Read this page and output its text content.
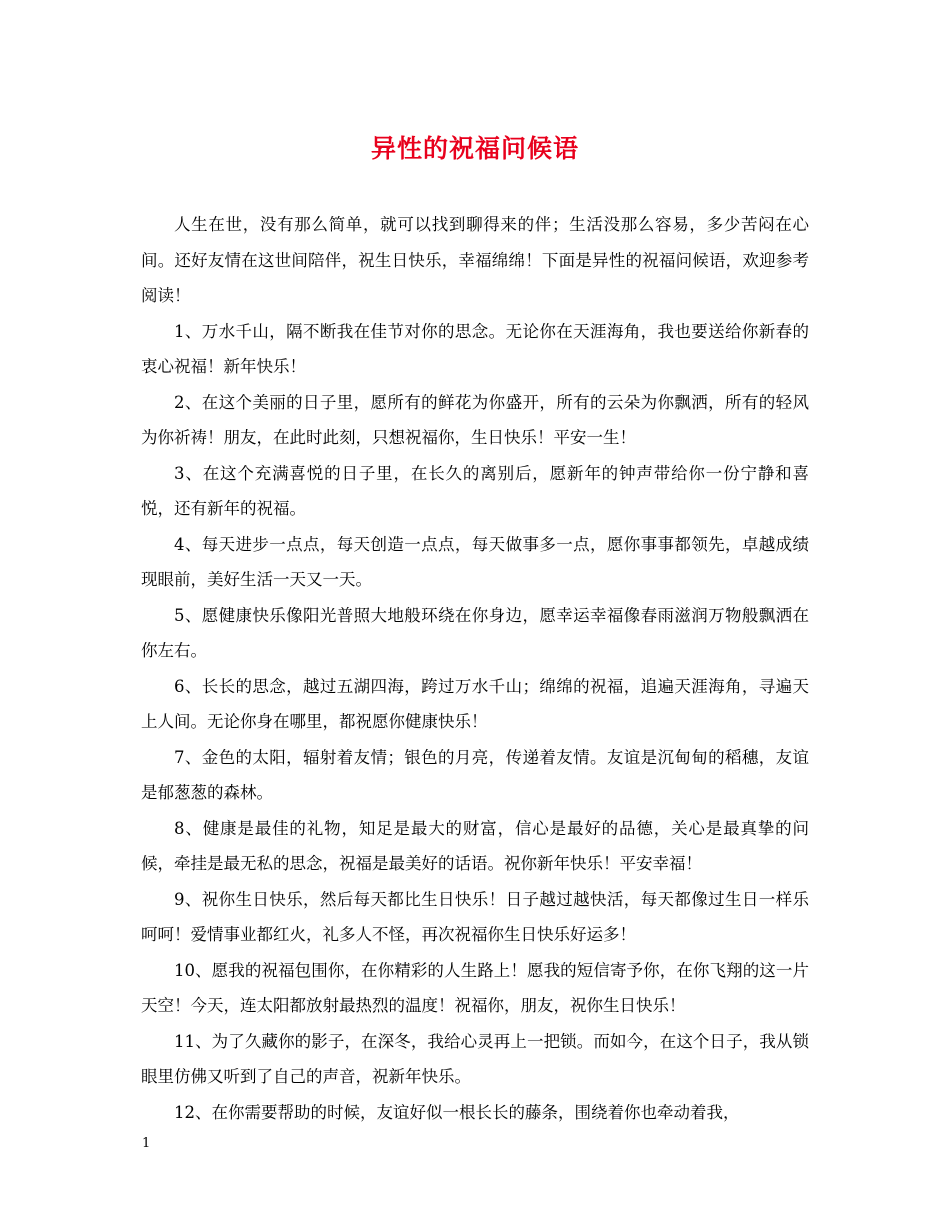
异性的祝福问候语

人生在世，没有那么简单，就可以找到聊得来的伴；生活没那么容易，多少苦闷在心间。还好友情在这世间陪伴，祝生日快乐，幸福绵绵！下面是异性的祝福问候语，欢迎参考阅读！

1、万水千山，隔不断我在佳节对你的思念。无论你在天涯海角，我也要送给你新春的衷心祝福！新年快乐！

2、在这个美丽的日子里，愿所有的鲜花为你盛开，所有的云朵为你飘洒，所有的轻风为你祈祷！朋友，在此时此刻，只想祝福你，生日快乐！平安一生！

3、在这个充满喜悦的日子里，在长久的离别后，愿新年的钟声带给你一份宁静和喜悦，还有新年的祝福。

4、每天进步一点点，每天创造一点点，每天做事多一点，愿你事事都领先，卓越成绩现眼前，美好生活一天又一天。

5、愿健康快乐像阳光普照大地般环绕在你身边，愿幸运幸福像春雨滋润万物般飘洒在你左右。

6、长长的思念，越过五湖四海，跨过万水千山；绵绵的祝福，追遍天涯海角，寻遍天上人间。无论你身在哪里，都祝愿你健康快乐！

7、金色的太阳，辐射着友情；银色的月亮，传递着友情。友谊是沉甸甸的稻穗，友谊是郁葱葱的森林。

8、健康是最佳的礼物，知足是最大的财富，信心是最好的品德，关心是最真挚的问候，牵挂是最无私的思念，祝福是最美好的话语。祝你新年快乐！平安幸福！

9、祝你生日快乐，然后每天都比生日快乐！日子越过越快活，每天都像过生日一样乐呵呵！爱情事业都红火，礼多人不怪，再次祝福你生日快乐好运多！

10、愿我的祝福包围你，在你精彩的人生路上！愿我的短信寄予你，在你飞翔的这一片天空！今天，连太阳都放射最热烈的温度！祝福你，朋友，祝你生日快乐！

11、为了久藏你的影子，在深冬，我给心灵再上一把锁。而如今，在这个日子，我从锁眼里仿佛又听到了自己的声音，祝新年快乐。

12、在你需要帮助的时候，友谊好似一根长长的藤条，围绕着你也牵动着我，

1
